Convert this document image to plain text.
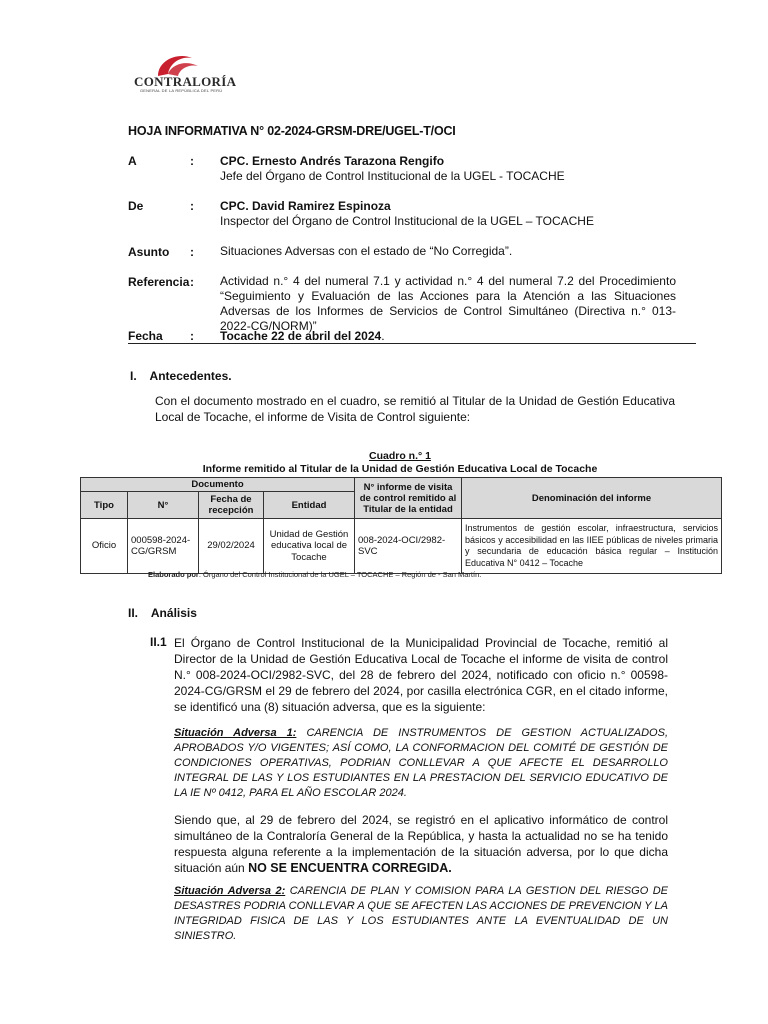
CONTRALORÍA
GENERAL DE LA REPÚBLICA DEL PERÚ
HOJA INFORMATIVA N° 02-2024-GRSM-DRE/UGEL-T/OCI
A	: CPC. Ernesto Andrés Tarazona Rengifo
Jefe del Órgano de Control Institucional de la UGEL - TOCACHE
De	: CPC. David Ramirez Espinoza
Inspector del Órgano de Control Institucional de la UGEL – TOCACHE
Asunto : Situaciones Adversas con el estado de “No Corregida”.
Referencia : Actividad n.° 4 del numeral 7.1 y actividad n.° 4 del numeral 7.2 del Procedimiento “Seguimiento y Evaluación de las Acciones para la Atención a las Situaciones Adversas de los Informes de Servicios de Control Simultáneo (Directiva n.° 013-2022-CG/NORM)”
Fecha : Tocache 22 de abril del 2024.
I.    Antecedentes.
Con el documento mostrado en el cuadro, se remitió al Titular de la Unidad de Gestión Educativa Local de Tocache, el informe de Visita de Control siguiente:
Cuadro n.° 1
Informe remitido al Titular de la Unidad de Gestión Educativa Local de Tocache
Documento				N° informe de visita de control remitido al Titular de la entidad	Denominación del informe
Tipo	N°	Fecha de recepción	Entidad		
Oficio	000598-2024-CG/GRSM	29/02/2024	Unidad de Gestión educativa local de Tocache	008-2024-OCI/2982-SVC	Instrumentos de gestión escolar, infraestructura, servicios básicos y accesibilidad en las IIEE públicas de niveles primaria y secundaria de educación básica regular – Institución Educativa N° 0412 – Tocache
Elaborado por: Órgano del Control Institucional de la UGEL – TOCACHE – Región de - San Martín.
II.    Análisis
II.1 El Órgano de Control Institucional de la Municipalidad Provincial de Tocache, remitió al Director de la Unidad de Gestión Educativa Local de Tocache el informe de visita de control N.° 008-2024-OCI/2982-SVC, del 28 de febrero del 2024, notificado con oficio n.° 00598-2024-CG/GRSM el 29 de febrero del 2024, por casilla electrónica CGR, en el citado informe, se identificó una (8) situación adversa, que es la siguiente:
Situación Adversa 1: CARENCIA DE INSTRUMENTOS DE GESTION ACTUALIZADOS, APROBADOS Y/O VIGENTES; ASÍ COMO, LA CONFORMACION DEL COMITÉ DE GESTIÓN DE CONDICIONES OPERATIVAS, PODRIAN CONLLEVAR A QUE AFECTE EL DESARROLLO INTEGRAL DE LAS Y LOS ESTUDIANTES EN LA PRESTACION DEL SERVICIO EDUCATIVO DE LA IE Nº 0412, PARA EL AÑO ESCOLAR 2024.
Siendo que, al 29 de febrero del 2024, se registró en el aplicativo informático de control simultáneo de la Contraloría General de la República, y hasta la actualidad no se ha tenido respuesta alguna referente a la implementación de la situación adversa, por lo que dicha situación aún NO SE ENCUENTRA CORREGIDA.
Situación Adversa 2: CARENCIA DE PLAN Y COMISION PARA LA GESTION DEL RIESGO DE DESASTRES PODRIA CONLLEVAR A QUE SE AFECTEN LAS ACCIONES DE PREVENCION Y LA INTEGRIDAD FISICA DE LAS Y LOS ESTUDIANTES ANTE LA EVENTUALIDAD DE UN SINIESTRO.
